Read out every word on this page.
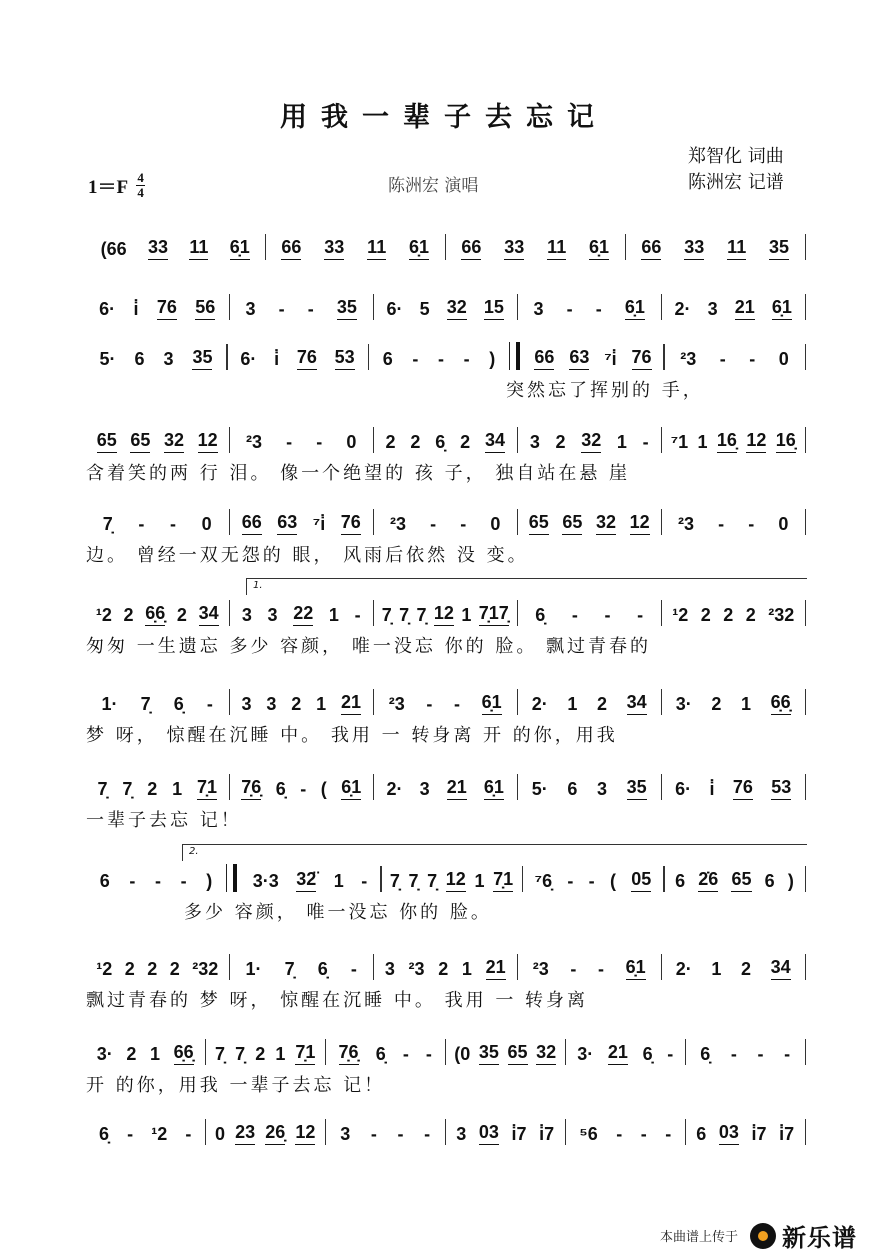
用我一辈子去忘记
1＝F 4
4	陈洲宏 演唱
郑智化 词曲
陈洲宏 记谱
(66 33 11 6̣1 66 33 11 6̣1 66 33 11 6̣1 66 33 11 35
6· i̇ 76 56 3 - - 35 6· 5 32 15 3 - - 6̣1 2· 3 21 6̣1
5· 6 3 35 6· i̇ 76 53 6 - - - ) 66 63 ⁷i̇ 76 ²3 - - 0
突然忘了挥别的 手，
65 65 32 12 ²3 - - 0 2 2 6̣ 2 34 3 2 32 1 - ⁷1 1 16̣ 12 16̣
含着笑的两 行 泪。 像一个绝望的 孩 子， 独自站在悬 崖
7̣ - - 0 66 63 ⁷i̇ 76 ²3 - - 0 65 65 32 12 ²3 - - 0
边。 曾经一双无怨的 眼， 风雨后依然 没 变。
¹2 2 6̣6̣ 2 34 3 3 22 1 - 7̣ 7̣ 7̣ 12 1 7̣17̣ 6̣ - - - ¹2 2 2 2 ²32
1.
匆匆 一生遗忘 多少 容颜， 唯一没忘 你的 脸。 飘过青春的
1· 7̣ 6̣ - 3 3 2 1 21 ²3 - - 6̣1 2· 1 2 34 3· 2 1 6̣6̣
梦 呀， 惊醒在沉睡 中。 我用 一 转身离 开 的你，用我
7̣ 7̣ 2 1 7̣1 7̣6̣ 6̣ - ( 6̣1 2· 3 21 6̣1 5· 6 3 35 6· i̇ 76 53
一辈子去忘 记！
6 - - - ) 3·3 32̈ 1 - 7̣ 7̣ 7̣ 12 1 7̣1 ⁷6̣ - - ( 05 6 2̇6 65 6 )
2.
多少 容颜， 唯一没忘 你的 脸。
¹2 2 2 2 ²32 1· 7̣ 6̣ - 3 ²3 2 1 21 ²3 - - 6̣1 2· 1 2 34
飘过青春的 梦 呀， 惊醒在沉睡 中。 我用 一 转身离
3· 2 1 6̣6̣ 7̣ 7̣ 2 1 7̣1 7̣6̣ 6̣ - - (0 35 65 32 3· 21 6̣ - 6̣ - - -
开 的你，用我 一辈子去忘 记！
6̣ - ¹2 - 0 23 26̣ 12 3 - - - 3 03 i̇7 i̇7 ⁵6 - - - 6 03 i̇7 i̇7
本曲谱上传于 新乐谱
